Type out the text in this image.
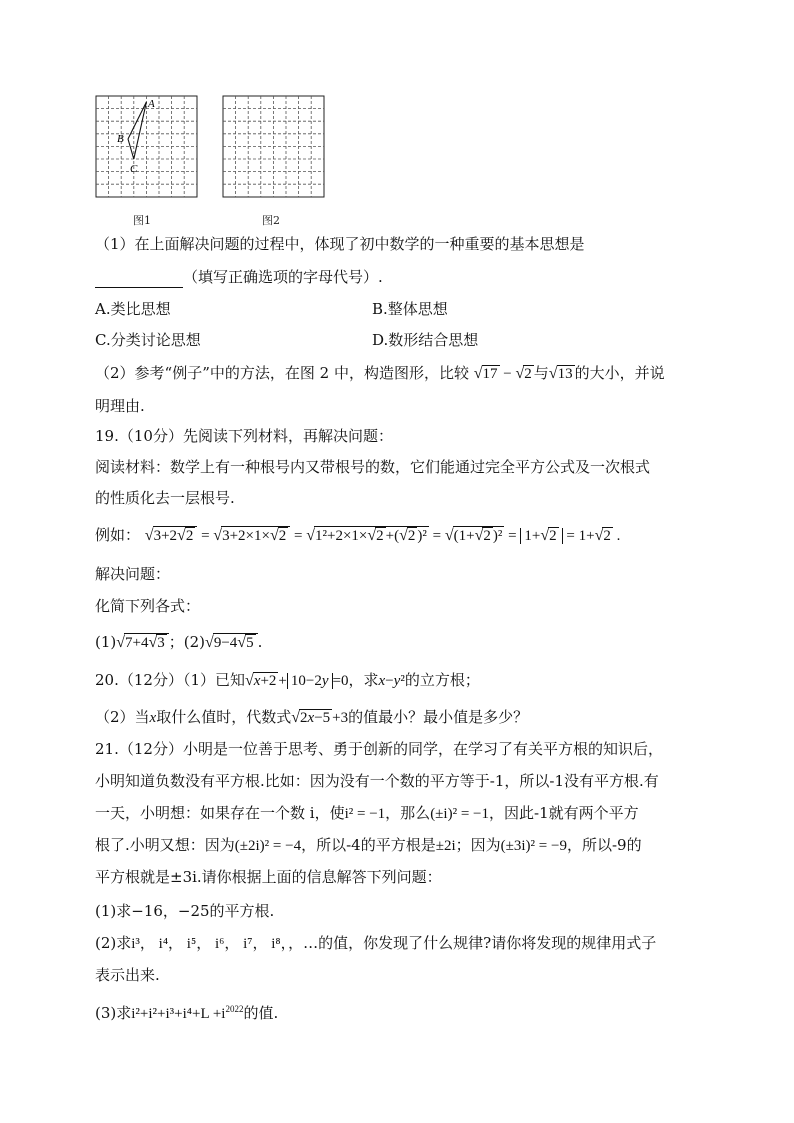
A
B
C
图1	图2
（1）在上面解决问题的过程中，体现了初中数学的一种重要的基本思想是
（填写正确选项的字母代号）.
A.类比思想	B.整体思想
C.分类讨论思想	D.数形结合思想
（2）参考“例子”中的方法，在图 2 中，构造图形，比较 √17 − √2 与√13 的大小，并说
明理由.
19.（10分）先阅读下列材料，再解决问题：
阅读材料：数学上有一种根号内又带根号的数，它们能通过完全平方公式及一次根式
的性质化去一层根号.
例如： √3+2√2 = √3+2×1×√2 = √1²+2×1×√2 +(√2 )² = √(1+√2 )² = 1+√2 = 1+√2 .
解决问题：
化简下列各式：
(1)√7+4√3 ；(2)√9−4√5 .
20.（12分）（1）已知√x+2 + 10−2y =0，求x−y²的立方根；
（2）当x取什么值时，代数式√2x−5 +3的值最小？最小值是多少？
21.（12分）小明是一位善于思考、勇于创新的同学，在学习了有关平方根的知识后，
小明知道负数没有平方根.比如：因为没有一个数的平方等于-1，所以-1没有平方根.有
一天，小明想：如果存在一个数 i，使i² = −1，那么(±i)² = −1，因此-1就有两个平方
根了.小明又想：因为(±2i)² = −4，所以-4的平方根是±2i；因为(±3i)² = −9，所以-9的
平方根就是±3i.请你根据上面的信息解答下列问题：
(1)求−16，−25的平方根.
(2)求i³， i⁴， i⁵， i⁶， i⁷， i⁸，，…的值，你发现了什么规律?请你将发现的规律用式子
表示出来.
(3)求$i^2+i^2+i^3+i^4+L +i^{2022}$的值.
